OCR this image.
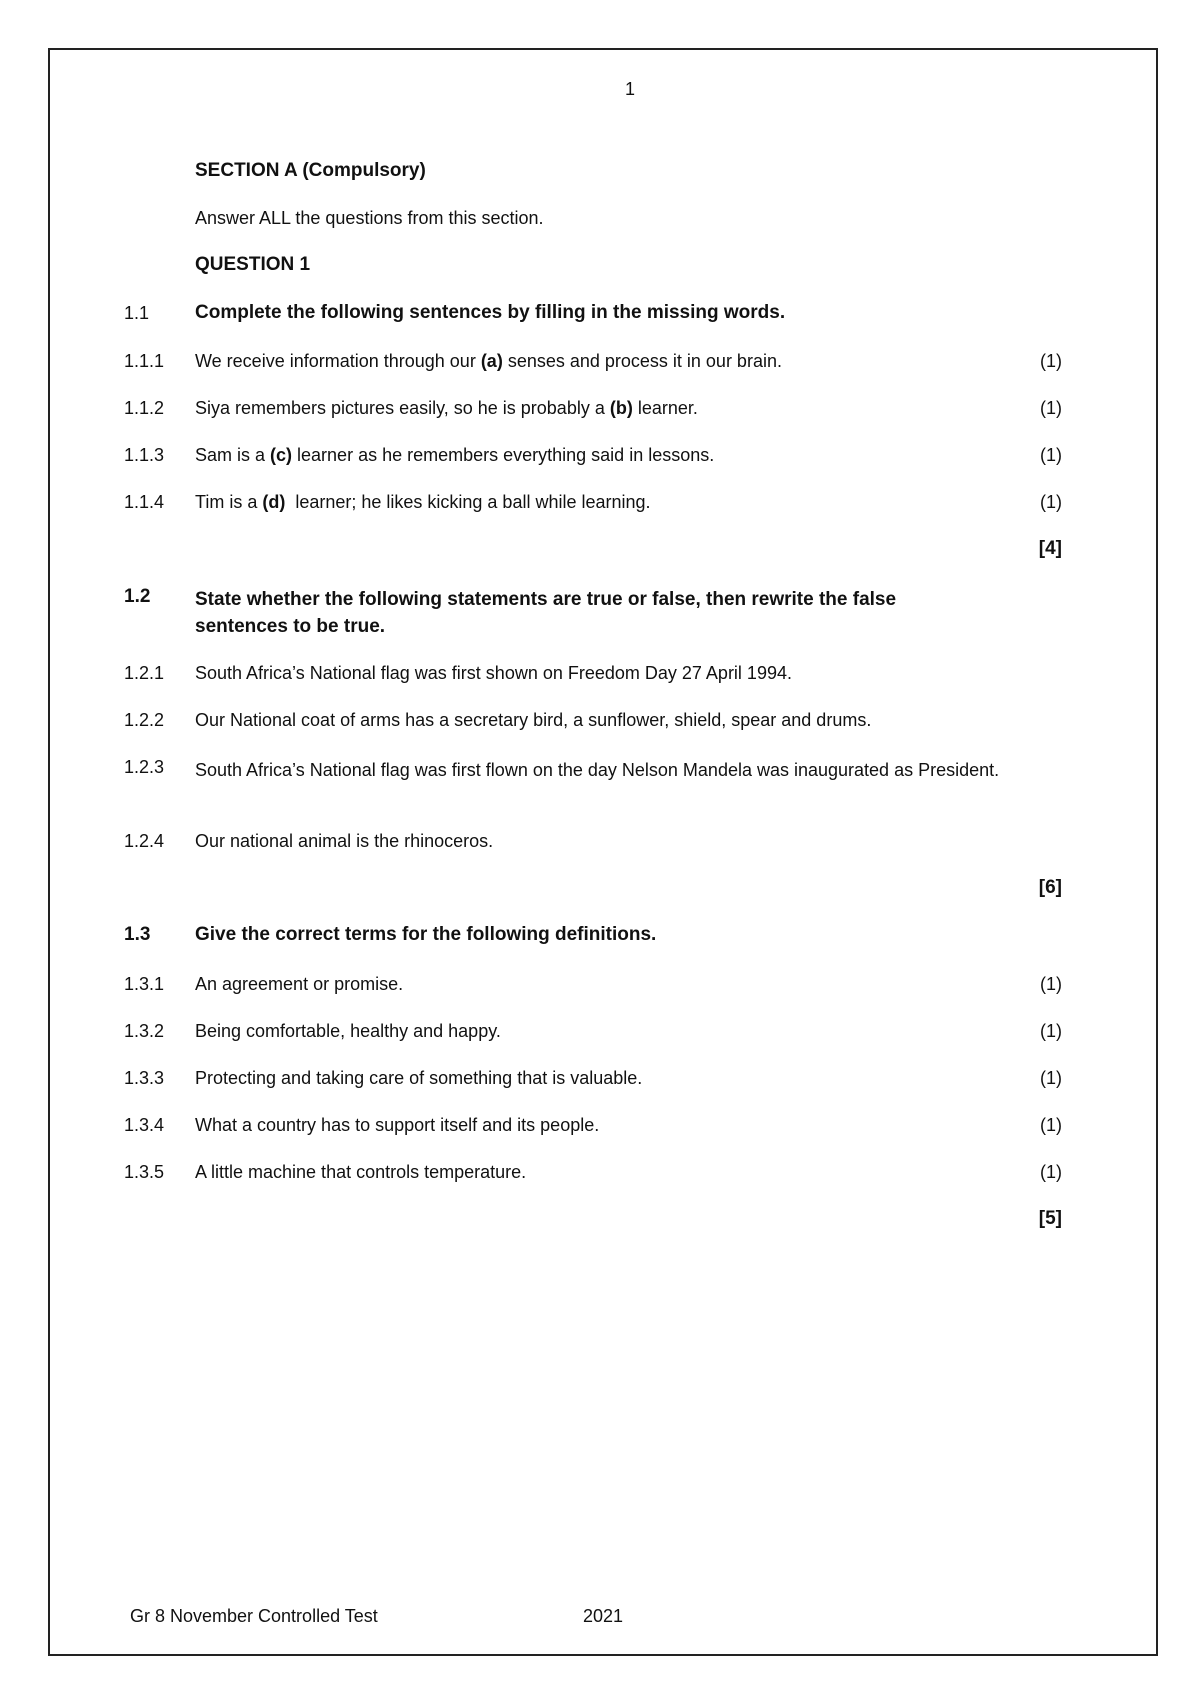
1
SECTION A (Compulsory)
Answer ALL the questions from this section.
QUESTION 1
1.1 Complete the following sentences by filling in the missing words.
1.1.1 We receive information through our (a) senses and process it in our brain.	(1)
1.1.2 Siya remembers pictures easily, so he is probably a (b) learner.	(1)
1.1.3 Sam is a (c) learner as he remembers everything said in lessons.	(1)
1.1.4 Tim is a (d)  learner; he likes kicking a ball while learning.	(1)
[4]
1.2 State whether the following statements are true or false, then rewrite the false sentences to be true.
1.2.1 South Africa’s National flag was first shown on Freedom Day 27 April 1994.
1.2.2 Our National coat of arms has a secretary bird, a sunflower, shield, spear and drums.
1.2.3 South Africa’s National flag was first flown on the day Nelson Mandela was inaugurated as President.
1.2.4 Our national animal is the rhinoceros.
[6]
1.3 Give the correct terms for the following definitions.
1.3.1 An agreement or promise.	(1)
1.3.2 Being comfortable, healthy and happy.	(1)
1.3.3 Protecting and taking care of something that is valuable.	(1)
1.3.4 What a country has to support itself and its people.	(1)
1.3.5 A little machine that controls temperature.	(1)
[5]
Gr 8 November Controlled Test	2021
